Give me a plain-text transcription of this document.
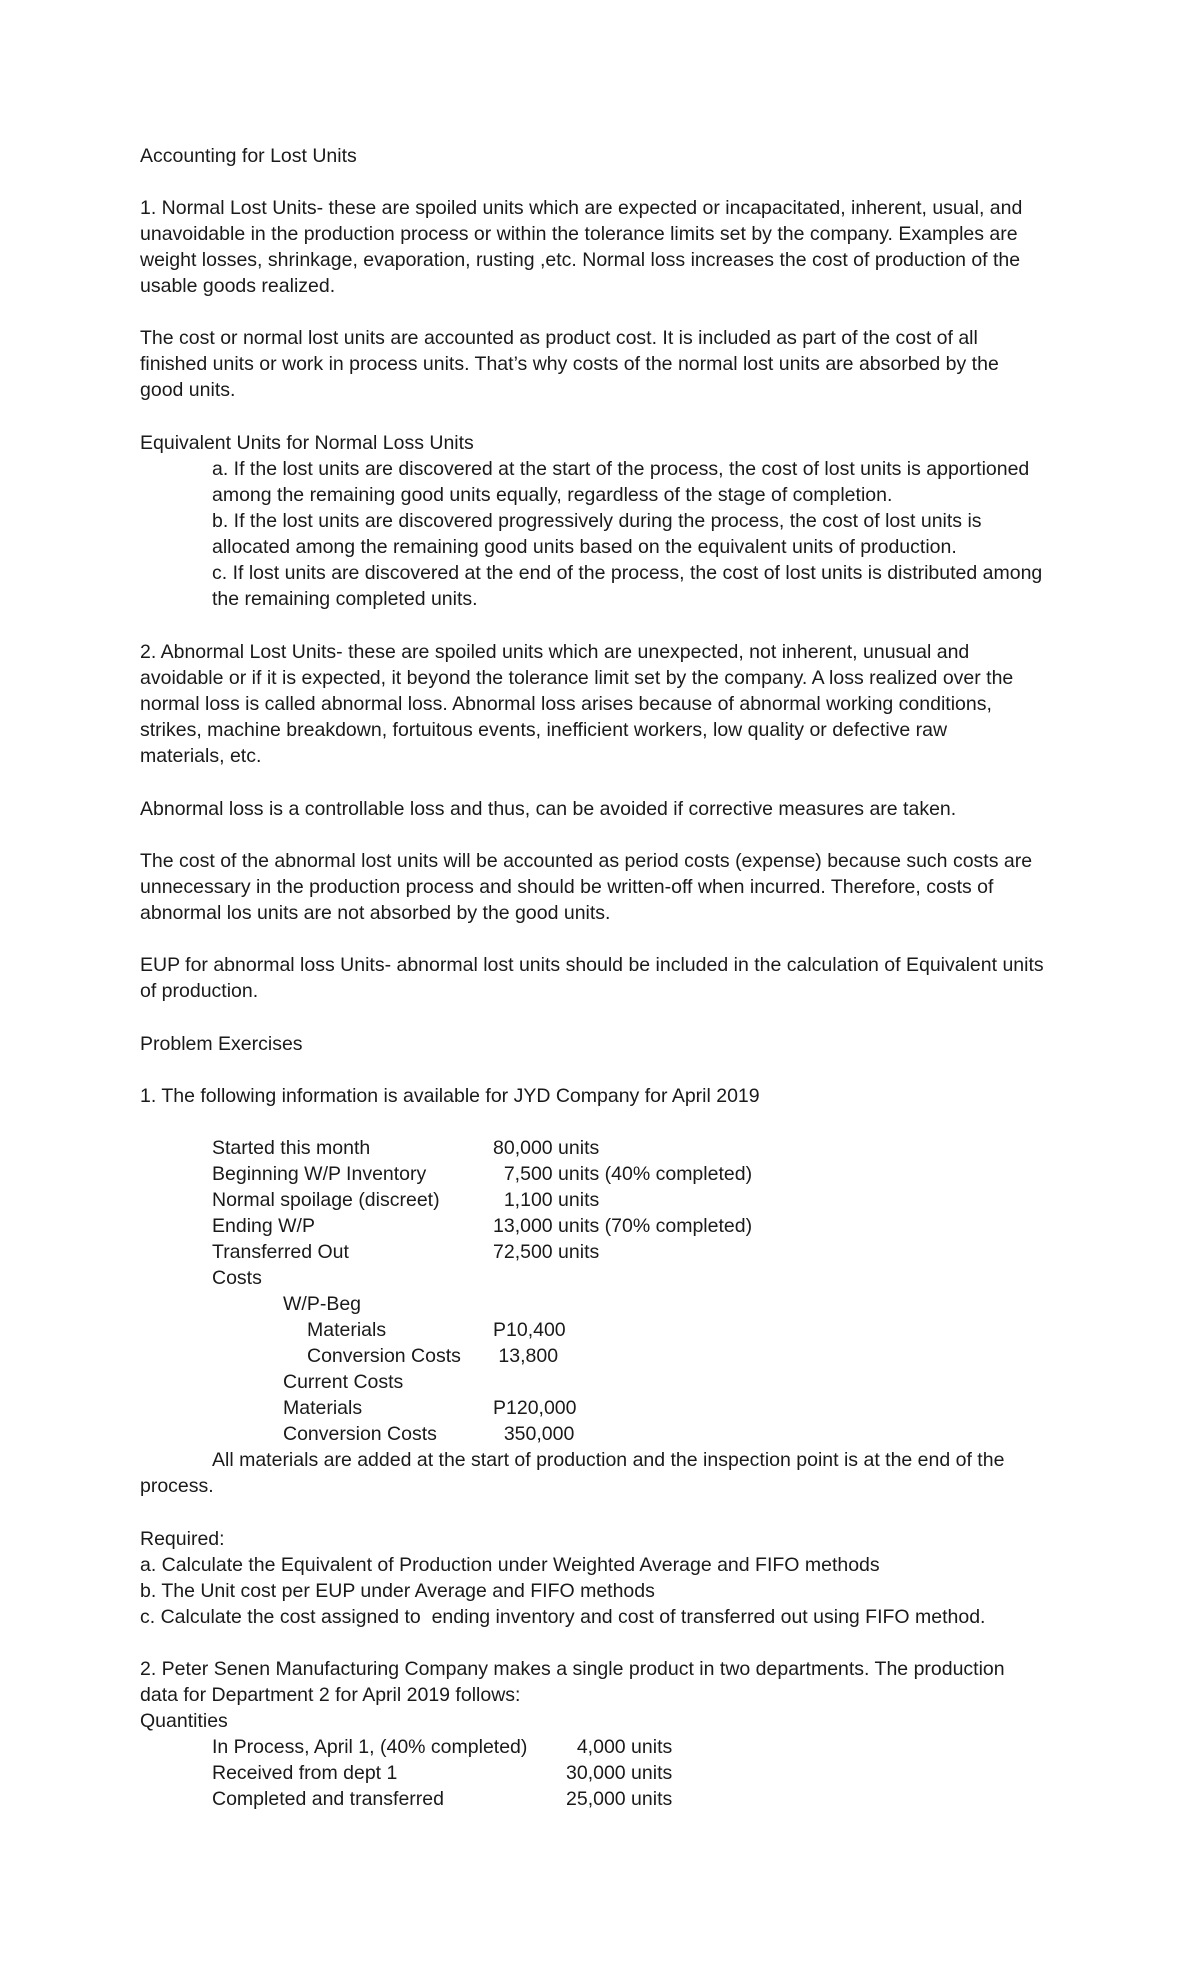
Accounting for Lost Units
1. Normal Lost Units- these are spoiled units which are expected or incapacitated, inherent, usual, and
unavoidable in the production process or within the tolerance limits set by the company. Examples are
weight losses, shrinkage, evaporation, rusting ,etc. Normal loss increases the cost of production of the
usable goods realized.
The cost or normal lost units are accounted as product cost. It is included as part of the cost of all
finished units or work in process units. That’s why costs of the normal lost units are absorbed by the
good units.
Equivalent Units for Normal Loss Units
a. If the lost units are discovered at the start of the process, the cost of lost units is apportioned
among the remaining good units equally, regardless of the stage of completion.
b. If the lost units are discovered progressively during the process, the cost of lost units is
allocated among the remaining good units based on the equivalent units of production.
c. If lost units are discovered at the end of the process, the cost of lost units is distributed among
the remaining completed units.
2. Abnormal Lost Units- these are spoiled units which are unexpected, not inherent, unusual and
avoidable or if it is expected, it beyond the tolerance limit set by the company. A loss realized over the
normal loss is called abnormal loss. Abnormal loss arises because of abnormal working conditions,
strikes, machine breakdown, fortuitous events, inefficient workers, low quality or defective raw
materials, etc.
Abnormal loss is a controllable loss and thus, can be avoided if corrective measures are taken.
The cost of the abnormal lost units will be accounted as period costs (expense) because such costs are
unnecessary in the production process and should be written-off when incurred. Therefore, costs of
abnormal los units are not absorbed by the good units.
EUP for abnormal loss Units- abnormal lost units should be included in the calculation of Equivalent units
of production.
Problem Exercises
1. The following information is available for JYD Company for April 2019
Started this month	80,000 units
Beginning W/P Inventory	7,500 units (40% completed)
Normal spoilage (discreet)	1,100 units
Ending W/P	13,000 units (70% completed)
Transferred Out	72,500 units
Costs
W/P-Beg
Materials	P10,400
Conversion Costs 13,800
Current Costs
Materials	P120,000
Conversion Costs	350,000
All materials are added at the start of production and the inspection point is at the end of the
process.
Required:
a. Calculate the Equivalent of Production under Weighted Average and FIFO methods
b. The Unit cost per EUP under Average and FIFO methods
c. Calculate the cost assigned to  ending inventory and cost of transferred out using FIFO method.
2. Peter Senen Manufacturing Company makes a single product in two departments. The production
data for Department 2 for April 2019 follows:
Quantities
In Process, April 1, (40% completed) 4,000 units
Received from dept 1	30,000 units
Completed and transferred	25,000 units
